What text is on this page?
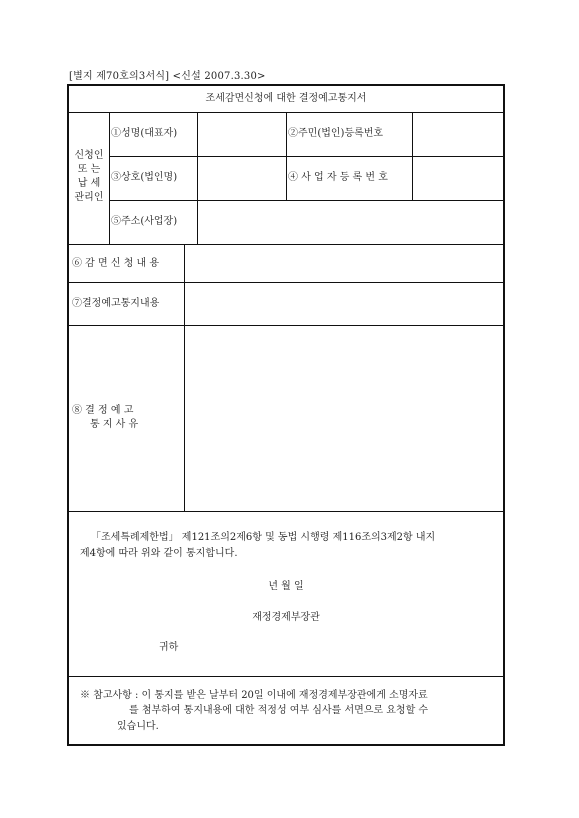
[별지 제70호의3서식] <신설 2007.3.30>
조세감면신청에 대한 결정예고통지서
신청인
또 는
납 세
관리인
①성명(대표자)	②주민(법인)등록번호
③상호(법인명)	④ 사 업 자 등 록 번 호
⑤주소(사업장)
⑥ 감 면 신 청 내 용
⑦결정예고통지내용
⑧ 결 정 예 고
통 지 사 유
「조세특례제한법」 제121조의2제6항 및 동법 시행령 제116조의3제2항 내지
제4항에 따라 위와 같이 통지합니다.
년 월 일
재정경제부장관
귀하
※ 참고사항 : 이 통지를 받은 날부터 20일 이내에 재정경제부장관에게 소명자료
를 첨부하여 통지내용에 대한 적정성 여부 심사를 서면으로 요청할 수
있습니다.
